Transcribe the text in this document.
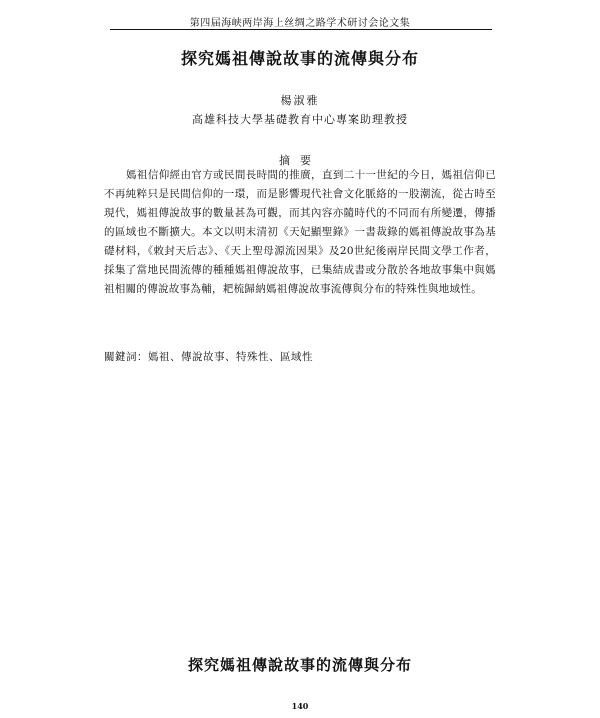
第四届海峡两岸海上丝绸之路学术研讨会论文集
探究媽祖傳說故事的流傳與分布
楊淑雅
高雄科技大學基礎教育中心專案助理教授
摘要
媽祖信仰經由官方或民間長時間的推廣，直到二十一世紀的今日，媽祖信仰已不再純粹只是民間信仰的一環，而是影響現代社會文化脈絡的一股潮流，從古時至現代，媽祖傳說故事的數量甚為可觀，而其內容亦隨時代的不同而有所變遷，傳播的區域也不斷擴大。本文以明末清初《天妃顯聖錄》一書裁錄的媽祖傳說故事為基礎材料，《敕封天后志》、《天上聖母源流因果》及20世紀後兩岸民間文學工作者，採集了當地民間流傳的種種媽祖傳說故事，已集結成書或分散於各地故事集中與媽祖相關的傳說故事為輔，耙梳歸納媽祖傳說故事流傳與分布的特殊性與地域性。
關鍵詞：媽祖、傳說故事、特殊性、區域性
探究媽祖傳說故事的流傳與分布
140
